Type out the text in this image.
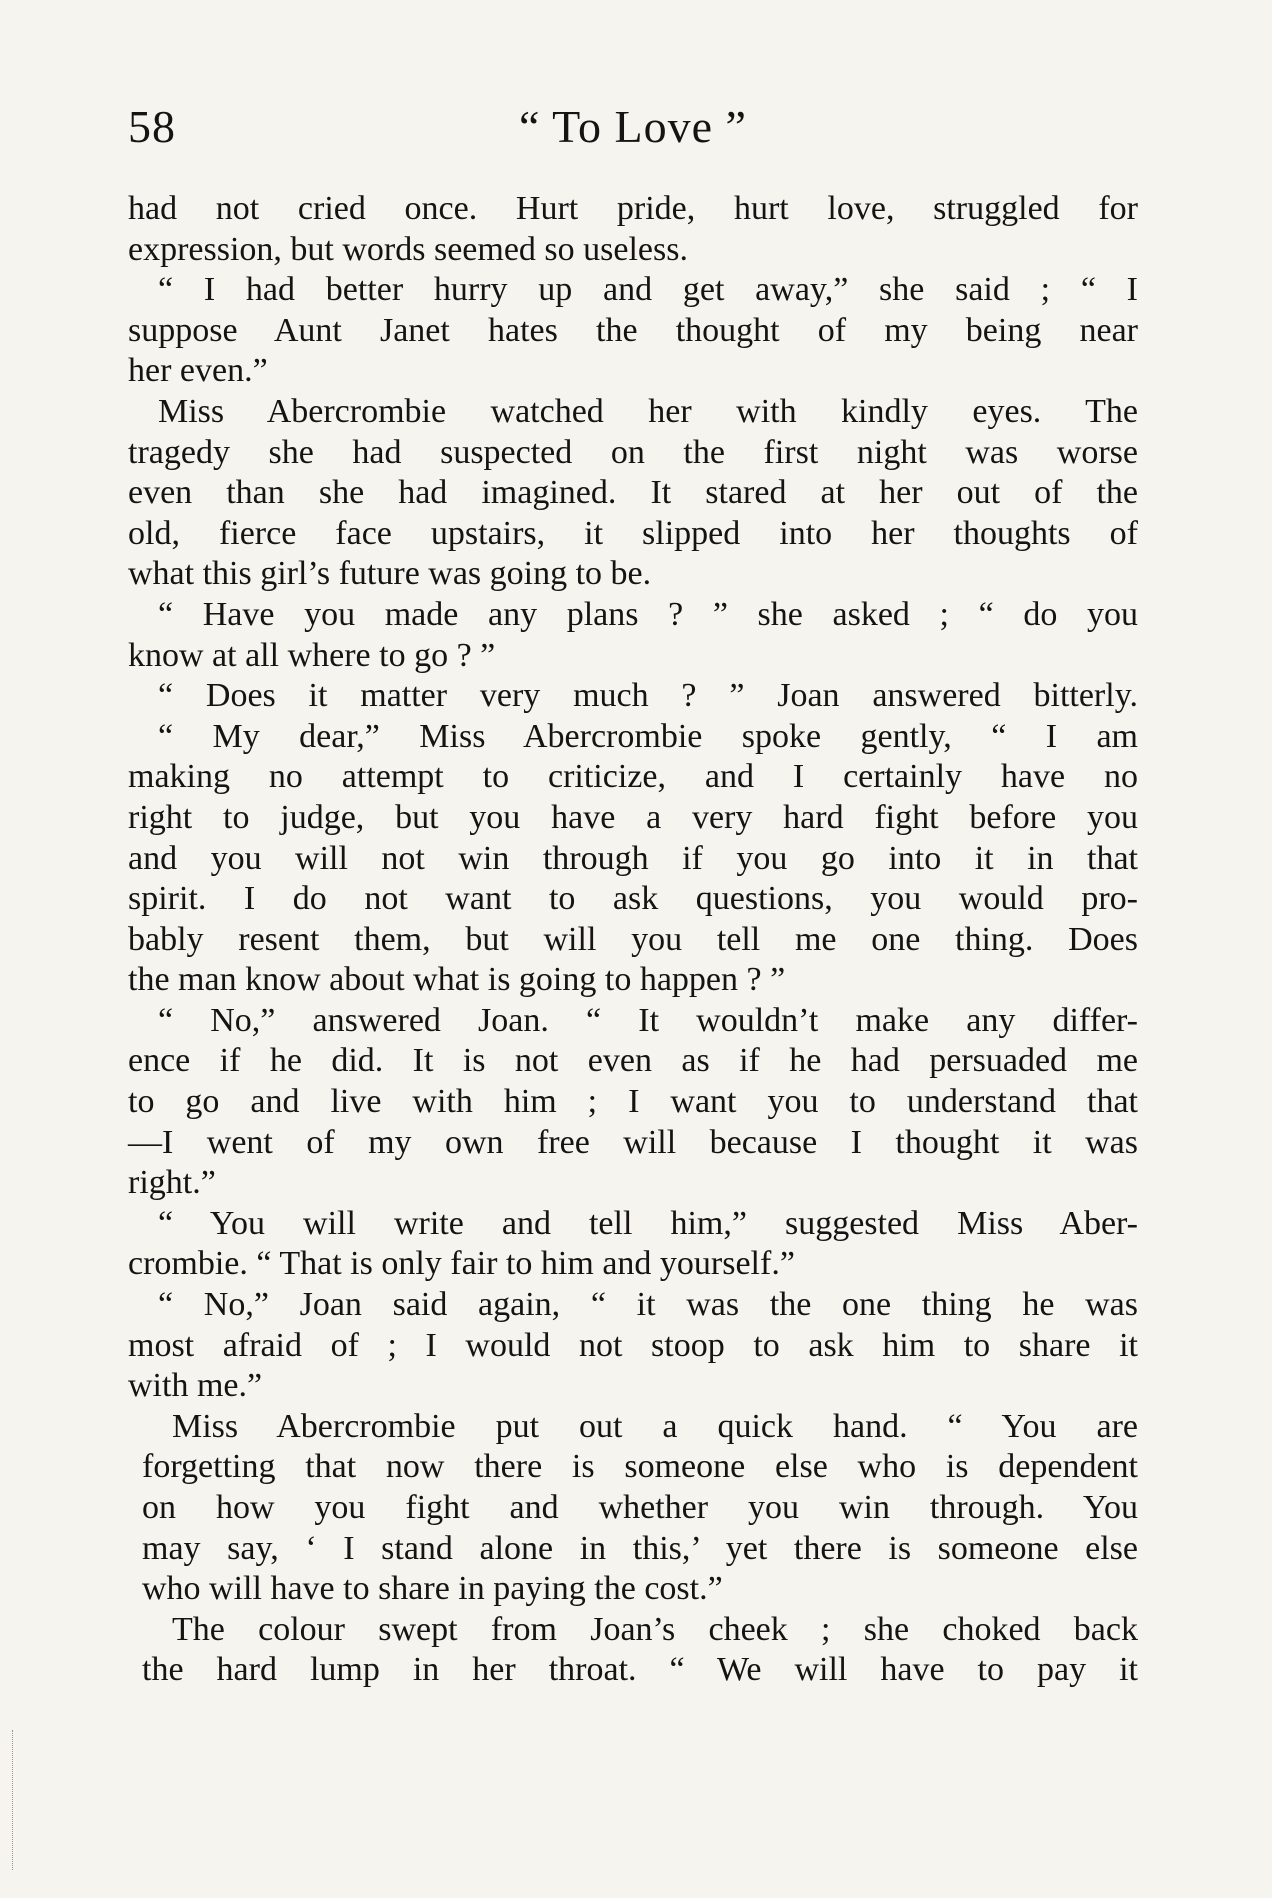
58	“ To Love ”
had not cried once. Hurt pride, hurt love, struggled for
expression, but words seemed so useless.
“ I had better hurry up and get away,” she said ; “ I
suppose Aunt Janet hates the thought of my being near
her even.”
Miss Abercrombie watched her with kindly eyes. The
tragedy she had suspected on the first night was worse
even than she had imagined. It stared at her out of the
old, fierce face upstairs, it slipped into her thoughts of
what this girl’s future was going to be.
“ Have you made any plans ? ” she asked ; “ do you
know at all where to go ? ”
“ Does it matter very much ? ” Joan answered bitterly.
“ My dear,” Miss Abercrombie spoke gently, “ I am
making no attempt to criticize, and I certainly have no
right to judge, but you have a very hard fight before you
and you will not win through if you go into it in that
spirit. I do not want to ask questions, you would pro-
bably resent them, but will you tell me one thing. Does
the man know about what is going to happen ? ”
“ No,” answered Joan. “ It wouldn’t make any differ-
ence if he did. It is not even as if he had persuaded me
to go and live with him ; I want you to understand that
—I went of my own free will because I thought it was
right.”
“ You will write and tell him,” suggested Miss Aber-
crombie. “ That is only fair to him and yourself.”
“ No,” Joan said again, “ it was the one thing he was
most afraid of ; I would not stoop to ask him to share it
with me.”
Miss Abercrombie put out a quick hand. “ You are
forgetting that now there is someone else who is dependent
on how you fight and whether you win through. You
may say, ‘ I stand alone in this,’ yet there is someone else
who will have to share in paying the cost.”
The colour swept from Joan’s cheek ; she choked back
the hard lump in her throat. “ We will have to pay it
